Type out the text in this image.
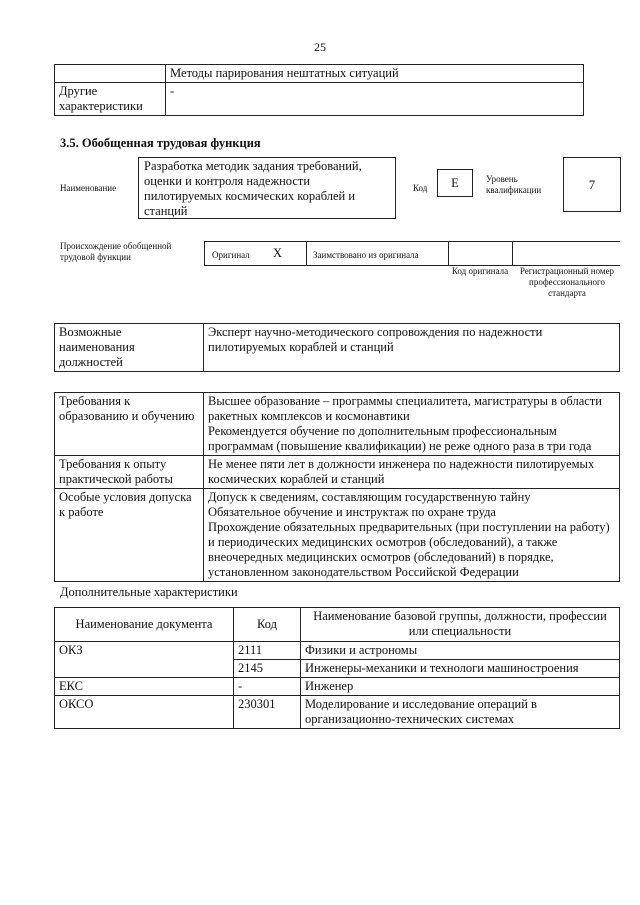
25
	Методы парирования нештатных ситуаций
Другие характеристики	-
3.5. Обобщенная трудовая функция
Наименование
Разработка методик задания требований, оценки и контроля надежности пилотируемых космических кораблей и станций
Код	E	Уровень квалификации	7
Происхождение обобщенной трудовой функции	Оригинал X	Заимствовано из оригинала
Код оригинала	Регистрационный номер профессионального стандарта
Возможные наименования должностей	Эксперт научно-методического сопровождения по надежности пилотируемых кораблей и станций
Требования к образованию и обучению	Высшее образование – программы специалитета, магистратуры в области ракетных комплексов и космонавтики
Рекомендуется обучение по дополнительным профессиональным программам (повышение квалификации) не реже одного раза в три года

Требования к опыту практической работы	Не менее пяти лет в должности инженера по надежности пилотируемых космических кораблей и станций
Особые условия допуска к работе	Допуск к сведениям, составляющим государственную тайну
Обязательное обучение и инструктаж по охране труда
Прохождение обязательных предварительных (при поступлении на работу) и периодических медицинских осмотров (обследований), а также внеочередных медицинских осмотров (обследований) в порядке, установленном законодательством Российской Федерации
Дополнительные характеристики
Наименование документа	Код	Наименование базовой группы, должности, профессии или специальности
ОКЗ	2111	Физики и астрономы
	2145	Инженеры-механики и технологи машиностроения
ЕКС	-	Инженер
ОКСО	230301	Моделирование и исследование операций в организационно-технических системах
